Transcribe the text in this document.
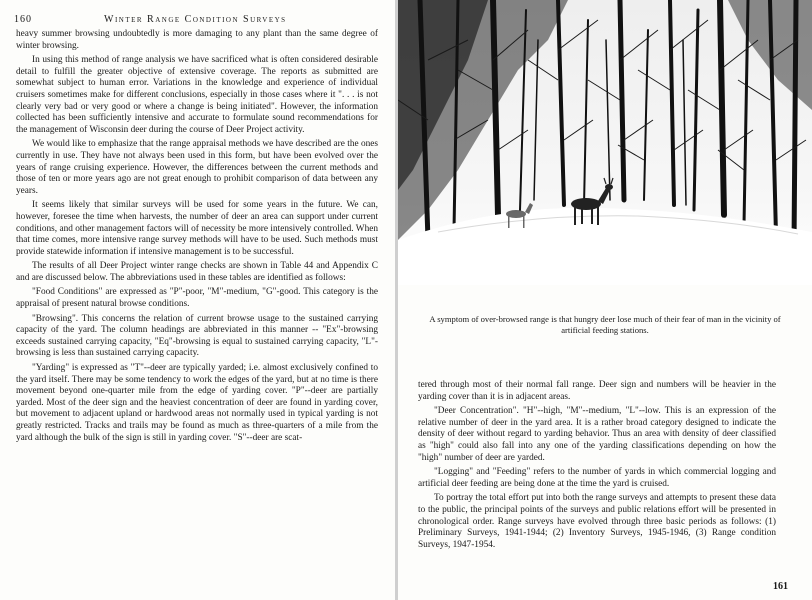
160	Winter Range Condition Surveys

heavy summer browsing undoubtedly is more damaging to any plant than the same degree of winter browsing.

In using this method of range analysis we have sacrificed what is often considered desirable detail to fulfill the greater objective of extensive coverage. The reports as submitted are somewhat subject to human error. Variations in the knowledge and experience of individual cruisers sometimes make for different conclusions, especially in those cases where it ". . . is not clearly very bad or very good or where a change is being initiated". However, the information collected has been sufficiently intensive and accurate to formulate sound recommendations for the management of Wisconsin deer during the course of Deer Project activity.

We would like to emphasize that the range appraisal methods we have described are the ones currently in use. They have not always been used in this form, but have been evolved over the years of range cruising experience. However, the differences between the current methods and those of ten or more years ago are not great enough to prohibit comparison of data between any years.

It seems likely that similar surveys will be used for some years in the future. We can, however, foresee the time when harvests, the number of deer an area can support under current conditions, and other management factors will of necessity be more intensively controlled. When that time comes, more intensive range survey methods will have to be used. Such methods must provide statewide information if intensive management is to be successful.

The results of all Deer Project winter range checks are shown in Table 44 and Appendix C and are discussed below. The abbreviations used in these tables are identified as follows:

"Food Conditions" are expressed as "P"-poor, "M"-medium, "G"-good. This category is the appraisal of present natural browse conditions.

"Browsing". This concerns the relation of current browse usage to the sustained carrying capacity of the yard. The column headings are abbreviated in this manner -- "Ex"-browsing exceeds sustained carrying capacity, "Eq"-browsing is equal to sustained carrying capacity, "L"-browsing is less than sustained carrying capacity.

"Yarding" is expressed as "T"--deer are typically yarded; i.e. almost exclusively confined to the yard itself. There may be some tendency to work the edges of the yard, but at no time is there movement beyond one-quarter mile from the edge of yarding cover. "P"--deer are partially yarded. Most of the deer sign and the heaviest concentration of deer are found in yarding cover, but movement to adjacent upland or hardwood areas not normally used in typical yarding is not greatly restricted. Tracks and trails may be found as much as three-quarters of a mile from the yard although the bulk of the sign is still in yarding cover. "S"--deer are scat-

A symptom of over-browsed range is that hungry deer lose much of their fear of man in the vicinity of artificial feeding stations.

tered through most of their normal fall range. Deer sign and numbers will be heavier in the yarding cover than it is in adjacent areas.

"Deer Concentration". "H"--high, "M"--medium, "L"--low. This is an expression of the relative number of deer in the yard area. It is a rather broad category designed to indicate the density of deer without regard to yarding behavior. Thus an area with density of deer classified as "high" could also fall into any one of the yarding classifications depending on how the "high" number of deer are yarded.

"Logging" and "Feeding" refers to the number of yards in which commercial logging and artificial deer feeding are being done at the time the yard is cruised.

To portray the total effort put into both the range surveys and attempts to present these data to the public, the principal points of the surveys and public relations effort will be presented in chronological order. Range surveys have evolved through three basic periods as follows: (1) Preliminary Surveys, 1941-1944; (2) Inventory Surveys, 1945-1946, (3) Range condition Surveys, 1947-1954.

161
